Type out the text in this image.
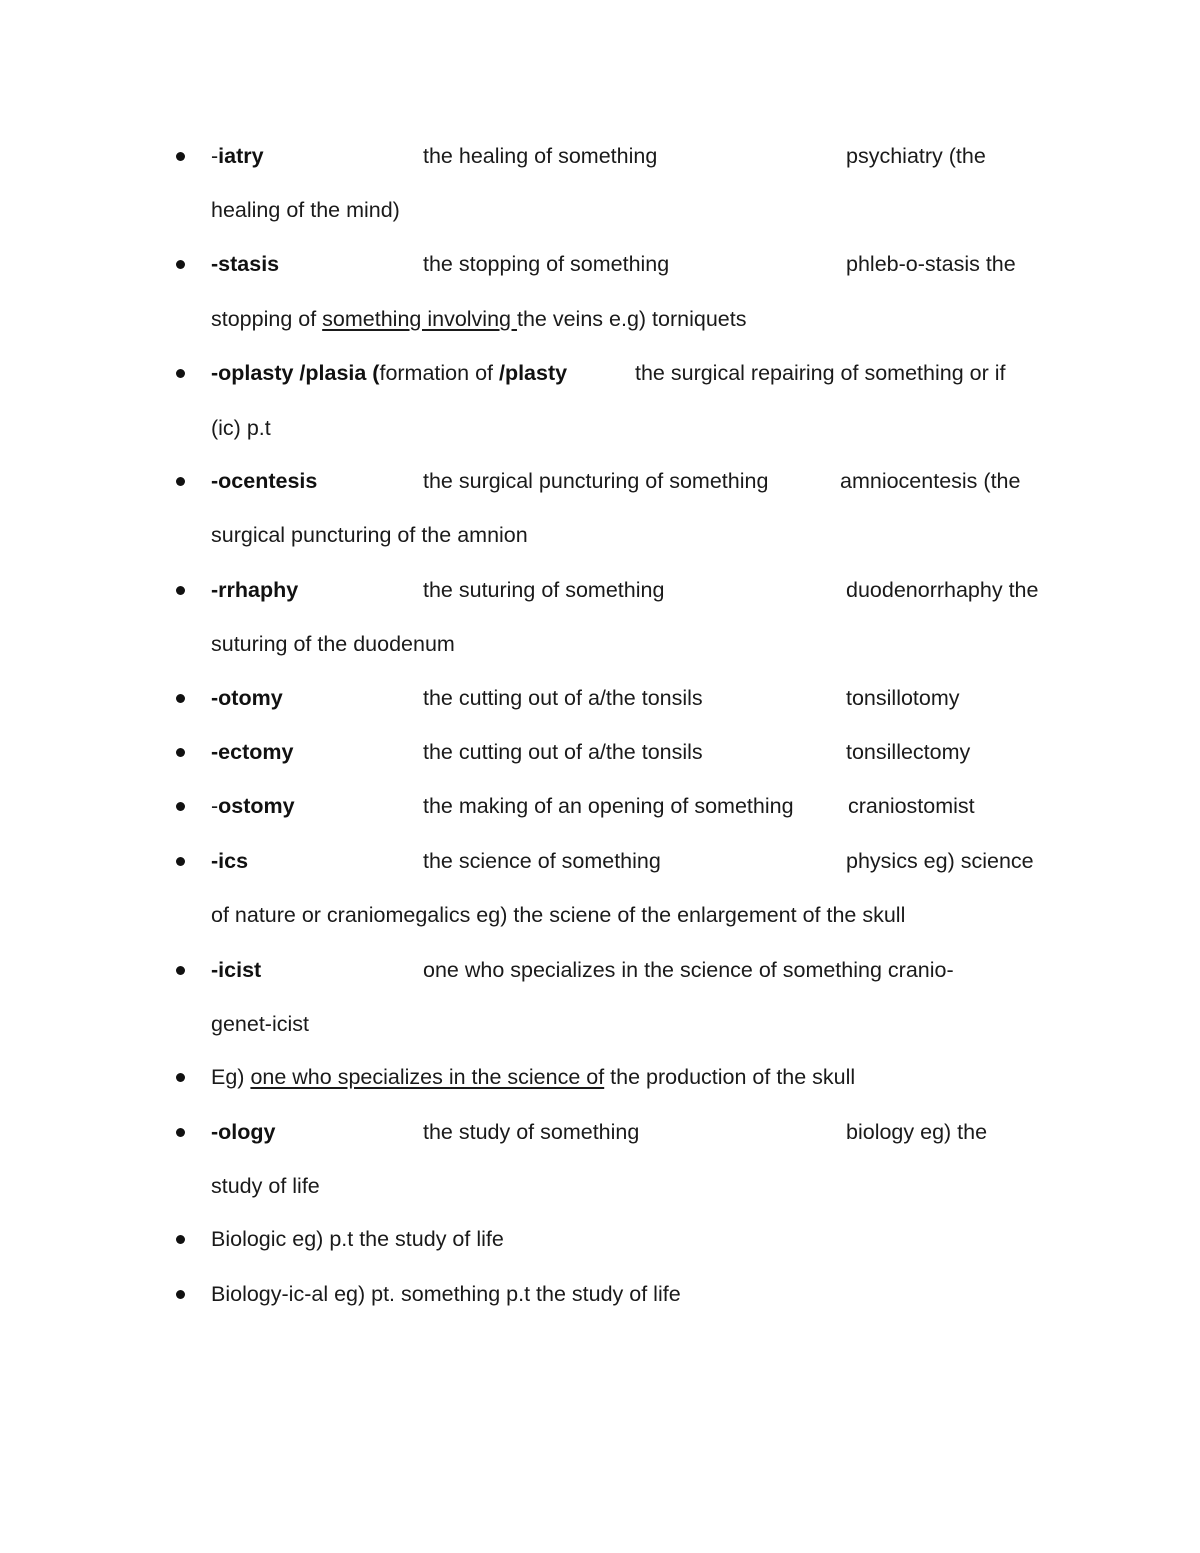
-iatry	the healing of something	psychiatry (the
healing of the mind)
-stasis	the stopping of something	phleb-o-stasis the
stopping of something involving the veins e.g) torniquets
-oplasty /plasia (formation of /plasty	the surgical repairing of something or if
(ic) p.t
-ocentesis	the surgical puncturing of something	amniocentesis (the
surgical puncturing of the amnion
-rrhaphy	the suturing of something	duodenorrhaphy the
suturing of the duodenum
-otomy	the cutting out of a/the tonsils	tonsillotomy
-ectomy	the cutting out of a/the tonsils	tonsillectomy
-ostomy	the making of an opening of something	craniostomist
-ics	the science of something	physics eg) science
of nature or craniomegalics eg) the sciene of the enlargement of the skull
-icist	one who specializes in the science of something cranio-
genet-icist
Eg) one who specializes in the science of the production of the skull
-ology	the study of something	biology eg) the
study of life
Biologic eg) p.t the study of life
Biology-ic-al eg) pt. something p.t the study of life
